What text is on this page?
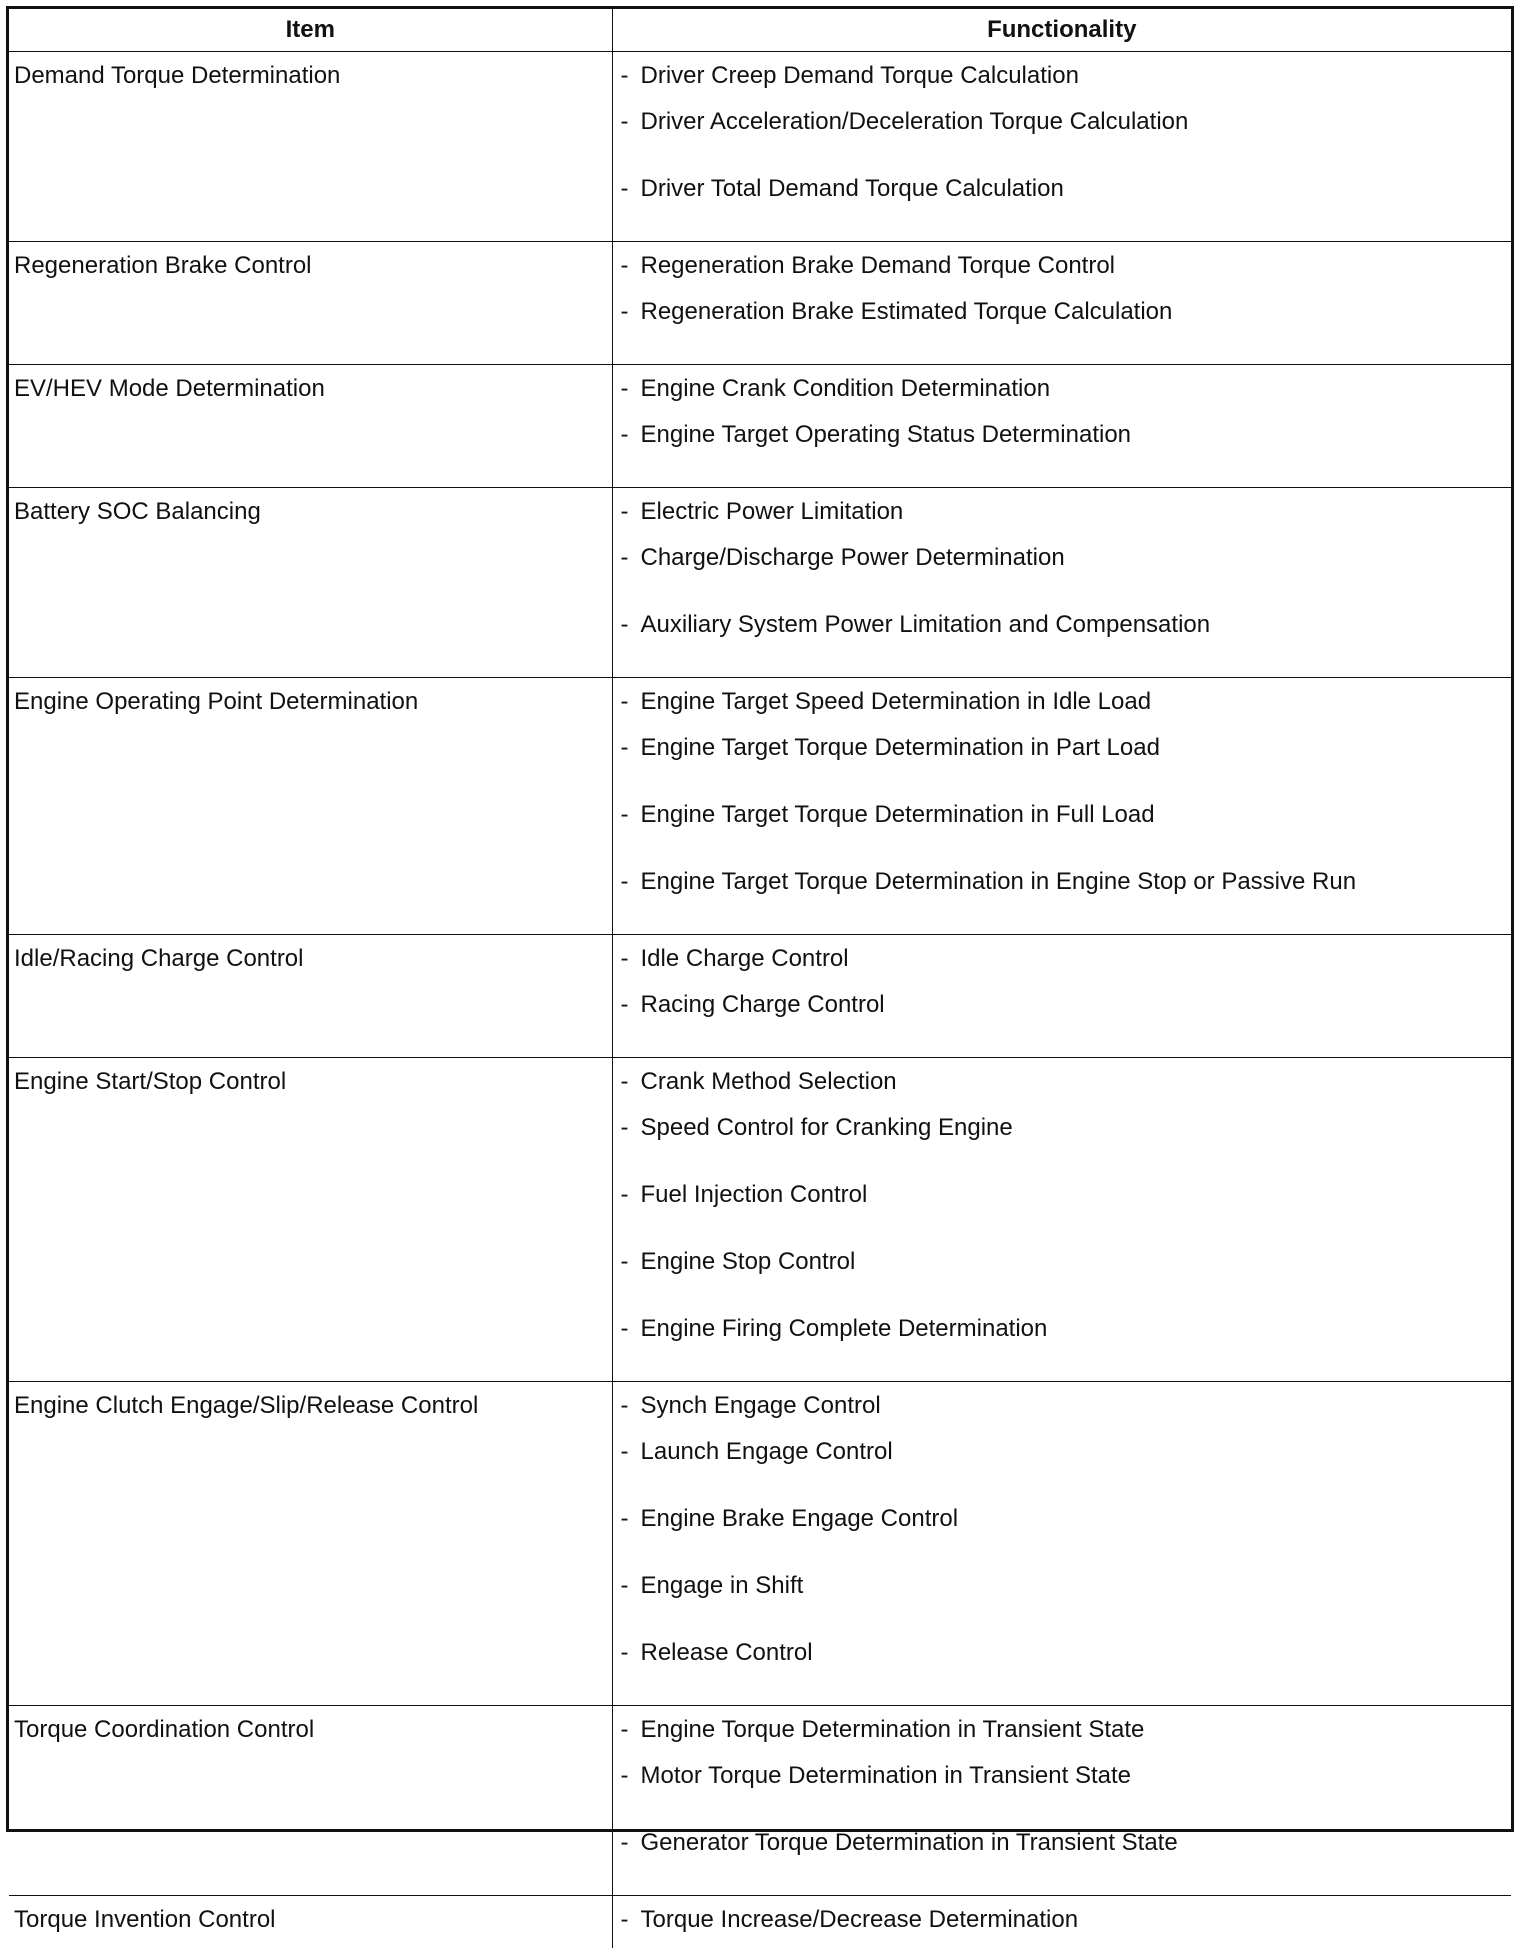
Item	Functionality
Demand Torque Determination	- Driver Creep Demand Torque Calculation
- Driver Acceleration/Deceleration Torque Calculation
- Driver Total Demand Torque Calculation

Regeneration Brake Control	- Regeneration Brake Demand Torque Control
- Regeneration Brake Estimated Torque Calculation

EV/HEV Mode Determination	- Engine Crank Condition Determination
- Engine Target Operating Status Determination

Battery SOC Balancing	- Electric Power Limitation
- Charge/Discharge Power Determination
- Auxiliary System Power Limitation and Compensation

Engine Operating Point Determination	- Engine Target Speed Determination in Idle Load
- Engine Target Torque Determination in Part Load
- Engine Target Torque Determination in Full Load
- Engine Target Torque Determination in Engine Stop or Passive Run

Idle/Racing Charge Control	- Idle Charge Control
- Racing Charge Control

Engine Start/Stop Control	- Crank Method Selection
- Speed Control for Cranking Engine
- Fuel Injection Control
- Engine Stop Control
- Engine Firing Complete Determination

Engine Clutch Engage/Slip/Release Control	- Synch Engage Control
- Launch Engage Control
- Engine Brake Engage Control
- Engage in Shift
- Release Control

Torque Coordination Control	- Engine Torque Determination in Transient State
- Motor Torque Determination in Transient State
- Generator Torque Determination in Transient State

Torque Invention Control	- Torque Increase/Decrease Determination
